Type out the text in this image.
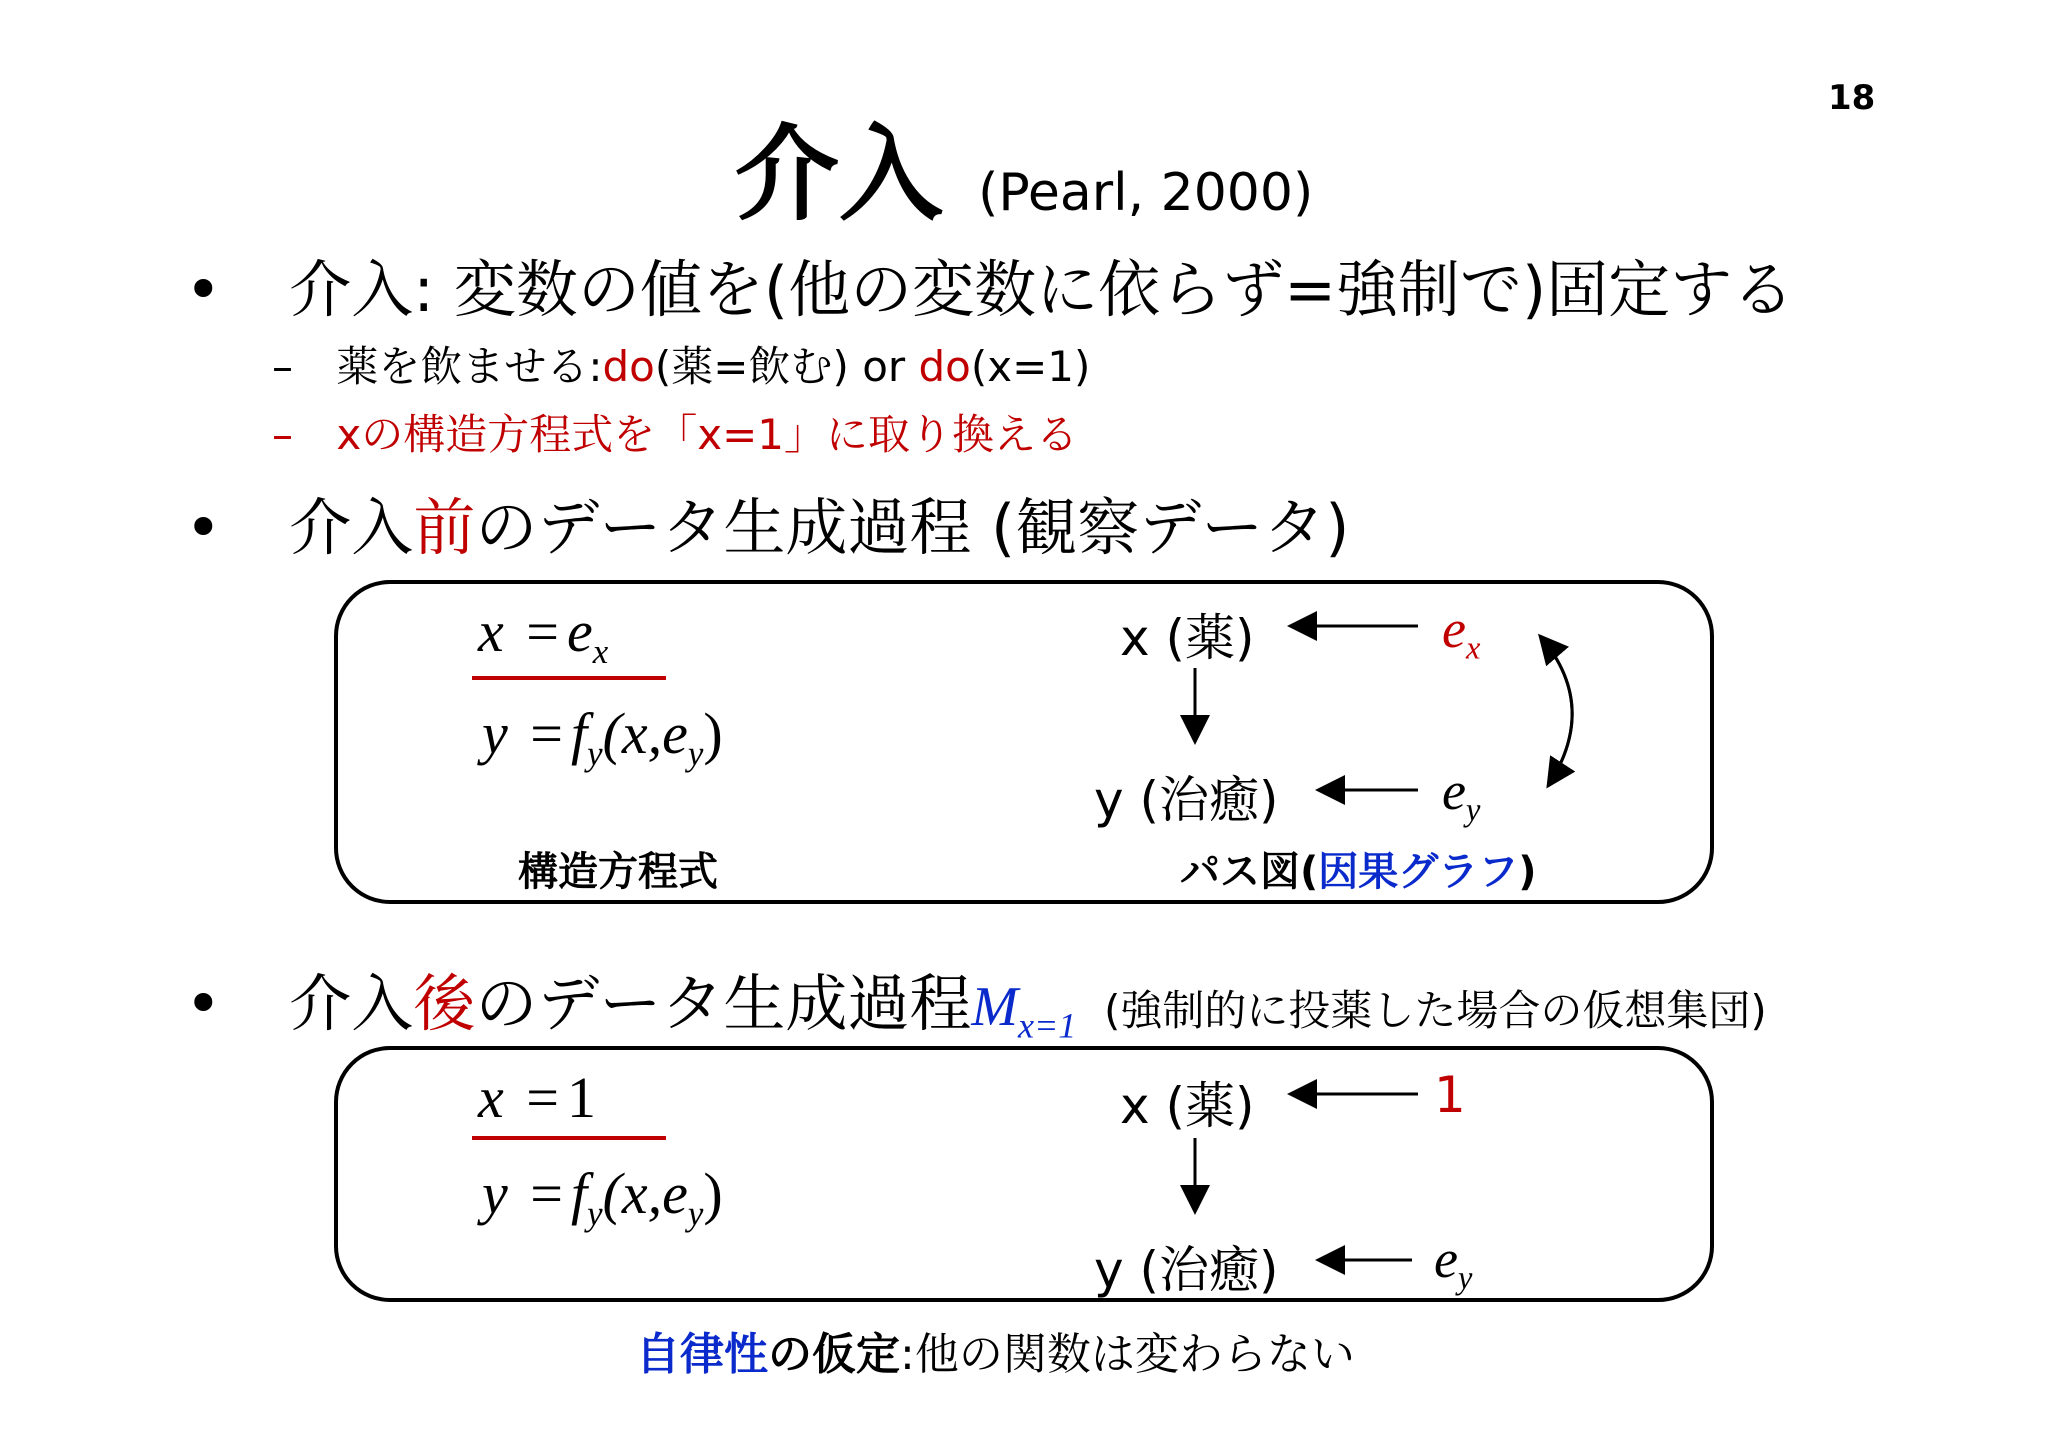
18
介入 (Pearl, 2000)
• 介入: 変数の値を(他の変数に依らず=強制で)固定する
– 薬を飲ませる:do(薬=飲む) or do(x=1)
– xの構造方程式を「x=1」に取り換える
• 介入前のデータ生成過程 (観察データ)
$x = e_x$
$y = f_y(x,e_y)$
構造方程式
x (薬)
y (治癒)
$e_x$
$e_y$
パス図(因果グラフ)
• 介入後のデータ生成過程$M_{x=1}$ (強制的に投薬した場合の仮想集団)
x = 1
$y = f_y(x,e_y)$
x (薬)
y (治癒)
1
$e_y$
自律性の仮定:他の関数は変わらない
